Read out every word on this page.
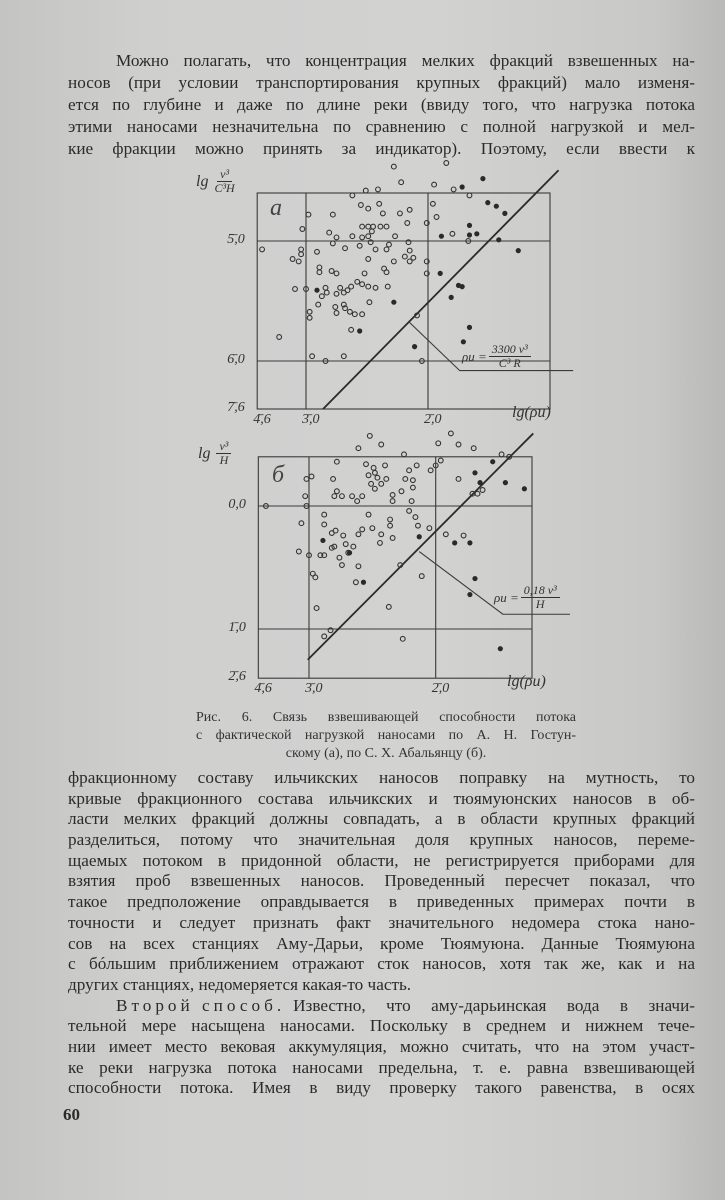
Можно полагать, что концентрация мелких фракций взвешенных на-
носов (при условии транспортирования крупных фракций) мало изменя-
ется по глубине и даже по длине реки (ввиду того, что нагрузка потока
этими наносами незначительна по сравнению с полной нагрузкой и мел-
кие фракции можно принять за индикатор). Поэтому, если ввести к
$\lg \frac{\text{v³}}{\text{C³H}}$
а
lg(ρu)
$\rho u = \frac{\text{3300 v³}}{\text{C³ R}}$
4̄,6 3̄,0	2̄,0
5̄,0
6̄,0
7̄,6
$\lg \frac{\text{v³}}{H}$
б
lg(ρu)
$\rho u = \frac{\text{0,18 v³}}{H}$
4̄,6 3̄,0	2̄,0
0,0
1̄,0
2̄,6
Рис. 6. Связь взвешивающей способности потока
с фактической нагрузкой наносами по А. Н. Гостун-
скому (а), по С. Х. Абальянцу (б).
фракционному составу ильчикских наносов поправку на мутность, то
кривые фракционного состава ильчикских и тюямуюнских наносов в об-
ласти мелких фракций должны совпадать, а в области крупных фракций
разделиться, потому что значительная доля крупных наносов, переме-
щаемых потоком в придонной области, не регистрируется приборами для
взятия проб взвешенных наносов. Проведенный пересчет показал, что
такое предположение оправдывается в приведенных примерах почти в
точности и следует признать факт значительного недомера стока нано-
сов на всех станциях Аму-Дарьи, кроме Тюямуюна. Данные Тюямуюна
с бóльшим приближением отражают сток наносов, хотя так же, как и на
других станциях, недомеряется какая-то часть.
Второй способ. Известно, что аму-дарьинская вода в значи-
тельной мере насыщена наносами. Поскольку в среднем и нижнем тече-
нии имеет место вековая аккумуляция, можно считать, что на этом участ-
ке реки нагрузка потока наносами предельна, т. е. равна взвешивающей
способности потока. Имея в виду проверку такого равенства, в осях
60
